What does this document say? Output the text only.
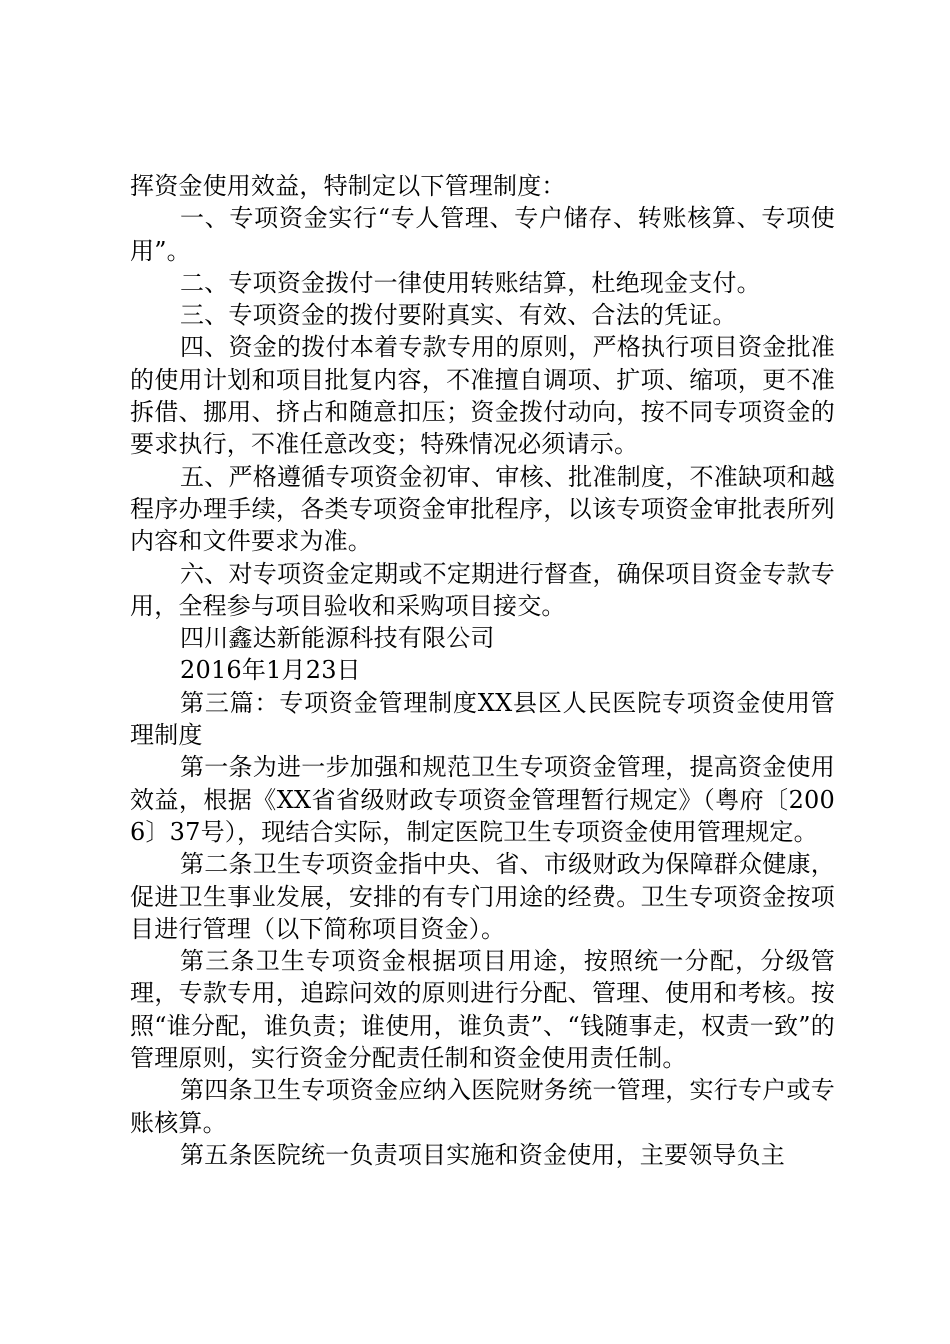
挥资金使用效益，特制定以下管理制度：

一、专项资金实行“专人管理、专户储存、转账核算、专项使用”。

二、专项资金拨付一律使用转账结算，杜绝现金支付。

三、专项资金的拨付要附真实、有效、合法的凭证。

四、资金的拨付本着专款专用的原则，严格执行项目资金批准的使用计划和项目批复内容，不准擅自调项、扩项、缩项，更不准拆借、挪用、挤占和随意扣压；资金拨付动向，按不同专项资金的要求执行，不准任意改变；特殊情况必须请示。

五、严格遵循专项资金初审、审核、批准制度，不准缺项和越程序办理手续，各类专项资金审批程序，以该专项资金审批表所列内容和文件要求为准。

六、对专项资金定期或不定期进行督查，确保项目资金专款专用，全程参与项目验收和采购项目接交。

四川鑫达新能源科技有限公司

2016年1月23日

第三篇：专项资金管理制度XX县区人民医院专项资金使用管理制度

第一条为进一步加强和规范卫生专项资金管理，提高资金使用效益，根据《XX省省级财政专项资金管理暂行规定》（粤府〔2006〕37号），现结合实际，制定医院卫生专项资金使用管理规定。

第二条卫生专项资金指中央、省、市级财政为保障群众健康，促进卫生事业发展，安排的有专门用途的经费。卫生专项资金按项目进行管理（以下简称项目资金）。

第三条卫生专项资金根据项目用途，按照统一分配，分级管理，专款专用，追踪问效的原则进行分配、管理、使用和考核。按照“谁分配，谁负责；谁使用，谁负责”、“钱随事走，权责一致”的管理原则，实行资金分配责任制和资金使用责任制。

第四条卫生专项资金应纳入医院财务统一管理，实行专户或专账核算。

第五条医院统一负责项目实施和资金使用，主要领导负主
